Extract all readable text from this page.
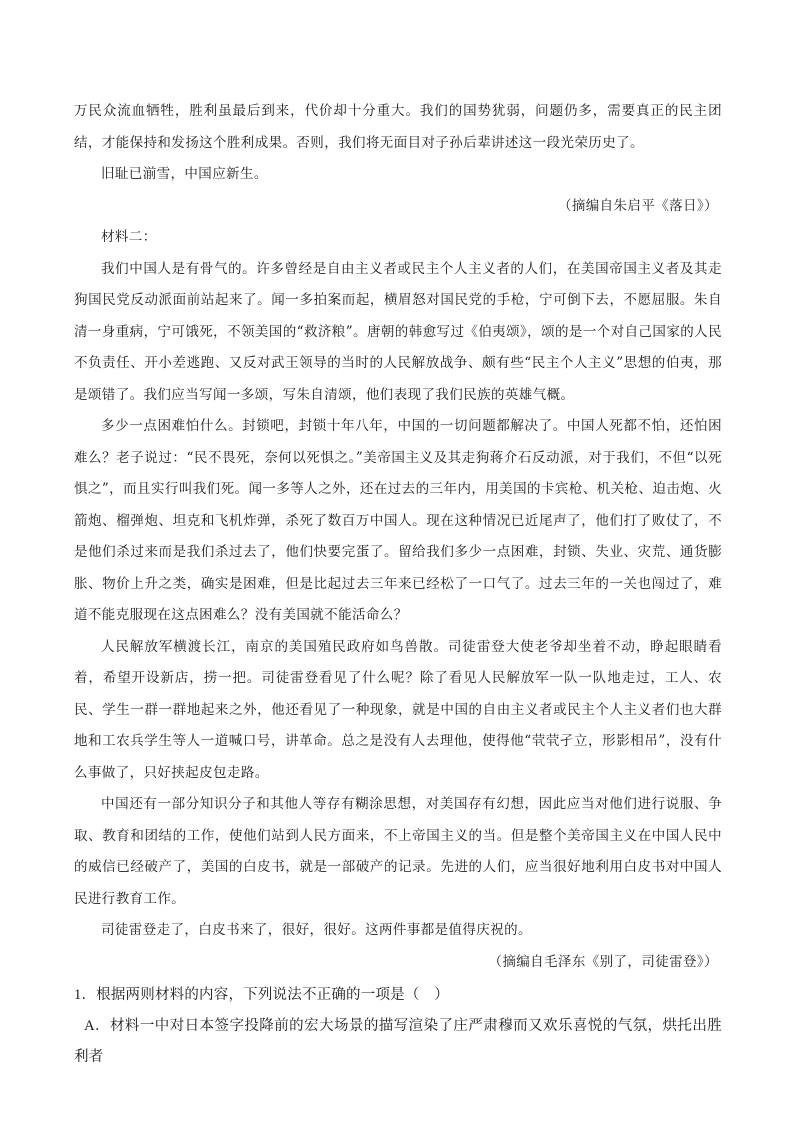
万民众流血牺牲，胜利虽最后到来，代价却十分重大。我们的国势犹弱，问题仍多，需要真正的民主团结，才能保持和发扬这个胜利成果。否则，我们将无面目对子孙后辈讲述这一段光荣历史了。

旧耻已湔雪，中国应新生。

（摘编自朱启平《落日》）

材料二：

我们中国人是有骨气的。许多曾经是自由主义者或民主个人主义者的人们，在美国帝国主义者及其走狗国民党反动派面前站起来了。闻一多拍案而起，横眉怒对国民党的手枪，宁可倒下去，不愿屈服。朱自清一身重病，宁可饿死，不领美国的“救济粮”。唐朝的韩愈写过《伯夷颂》，颂的是一个对自己国家的人民不负责任、开小差逃跑、又反对武王领导的当时的人民解放战争、颇有些“民主个人主义”思想的伯夷，那是颂错了。我们应当写闻一多颂，写朱自清颂，他们表现了我们民族的英雄气概。

多少一点困难怕什么。封锁吧，封锁十年八年，中国的一切问题都解决了。中国人死都不怕，还怕困难么？老子说过：“民不畏死，奈何以死惧之。”美帝国主义及其走狗蒋介石反动派，对于我们，不但“以死惧之”，而且实行叫我们死。闻一多等人之外，还在过去的三年内，用美国的卡宾枪、机关枪、迫击炮、火箭炮、榴弹炮、坦克和飞机炸弹，杀死了数百万中国人。现在这种情况已近尾声了，他们打了败仗了，不是他们杀过来而是我们杀过去了，他们快要完蛋了。留给我们多少一点困难，封锁、失业、灾荒、通货膨胀、物价上升之类，确实是困难，但是比起过去三年来已经松了一口气了。过去三年的一关也闯过了，难道不能克服现在这点困难么？没有美国就不能活命么？

人民解放军横渡长江，南京的美国殖民政府如鸟兽散。司徒雷登大使老爷却坐着不动，睁起眼睛看着，希望开设新店，捞一把。司徒雷登看见了什么呢？除了看见人民解放军一队一队地走过，工人、农民、学生一群一群地起来之外，他还看见了一种现象，就是中国的自由主义者或民主个人主义者们也大群地和工农兵学生等人一道喊口号，讲革命。总之是没有人去理他，使得他“茕茕孑立，形影相吊”，没有什么事做了，只好挟起皮包走路。

中国还有一部分知识分子和其他人等存有糊涂思想，对美国存有幻想，因此应当对他们进行说服、争取、教育和团结的工作，使他们站到人民方面来，不上帝国主义的当。但是整个美帝国主义在中国人民中的威信已经破产了，美国的白皮书，就是一部破产的记录。先进的人们，应当很好地利用白皮书对中国人民进行教育工作。

司徒雷登走了，白皮书来了，很好，很好。这两件事都是值得庆祝的。

（摘编自毛泽东《别了，司徒雷登》）

1．根据两则材料的内容，下列说法不正确的一项是（　）

A．材料一中对日本签字投降前的宏大场景的描写渲染了庄严肃穆而又欢乐喜悦的气氛，烘托出胜利者
